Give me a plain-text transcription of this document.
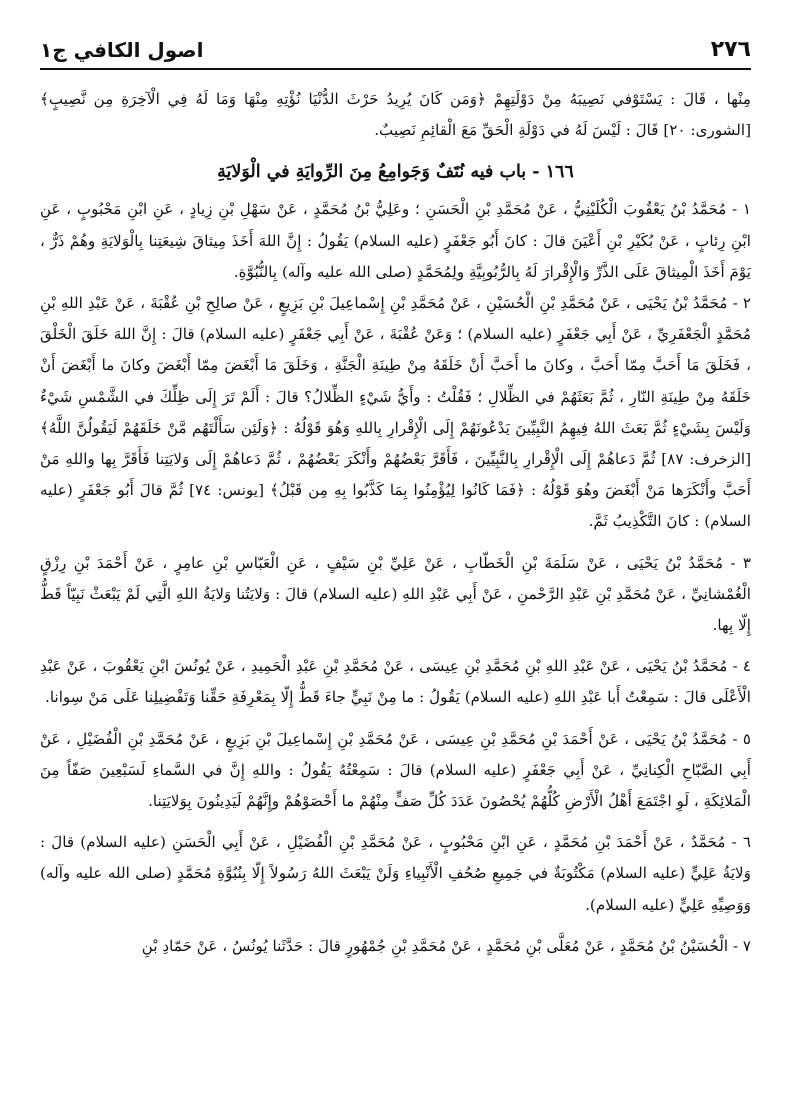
اصول الكافي ج١	٢٧٦

مِنْها ، قَالَ : يَسْتَوْفي نَصِيبَهُ مِنْ دَوْلَتِهِمْ ﴿وَمَن كَانَ يُرِيدُ حَرْثَ الدُّنْيَا نُؤْتِهِ مِنْهَا وَمَا لَهُ فِي الْآخِرَةِ مِن نَّصِيبٍ﴾ [الشورى: ٢٠] قَالَ : لَيْسَ لَهُ في دَوْلَةِ الْحَقِّ مَعَ الْقائِمِ نَصِيبٌ.

١٦٦ - باب فيه نُتَفٌ وَجَوامِعُ مِنَ الرِّوايَةِ في الْوَلايَةِ

١ - مُحَمَّدُ بْنُ يَعْقُوبَ الْكُلَيْنِيُّ ، عَنْ مُحَمَّدِ بْنِ الْحَسَنِ ؛ وعَلِيُّ بْنُ مُحَمَّدٍ ، عَنْ سَهْلِ بْنِ زِيادٍ ، عَنِ ابْنِ مَحْبُوبٍ ، عَنِ ابْنِ رِئابٍ ، عَنْ بُكَيْرِ بْنِ أَعْيَنَ قالَ : كانَ أَبُو جَعْفَرٍ (عليه السلام) يَقُولُ : إِنَّ اللهَ أَخَذَ مِيثاقَ شِيعَتِنا بِالْوَلايَةِ وهُمْ ذَرٌّ ، يَوْمَ أَخَذَ الْمِيثاقَ عَلَى الذَّرِّ وَالْإِقْرارَ لَهُ بِالرُّبُوبِيَّةِ ولِمُحَمَّدٍ (صلى الله عليه وآله) بِالنُّبُوَّةِ.

٢ - مُحَمَّدُ بْنُ يَحْيَى ، عَنْ مُحَمَّدِ بْنِ الْحُسَيْنِ ، عَنْ مُحَمَّدِ بْنِ إِسْماعِيلَ بْنِ بَزِيعٍ ، عَنْ صالِحِ بْنِ عُقْبَةَ ، عَنْ عَبْدِ اللهِ بْنِ مُحَمَّدٍ الْجَعْفَرِيِّ ، عَنْ أَبِي جَعْفَرٍ (عليه السلام) ؛ وَعَنْ عُقْبَةَ ، عَنْ أَبِي جَعْفَرٍ (عليه السلام) قالَ : إِنَّ اللهَ خَلَقَ الْخَلْقَ ، فَخَلَقَ مَا أَحَبَّ مِمّا أَحَبَّ ، وكانَ ما أَحَبَّ أَنْ خَلَقَهُ مِنْ طِينَةِ الْجَنَّةِ ، وَخَلَقَ مَا أَبْغَضَ مِمّا أَبْغَضَ وكانَ ما أَبْغَضَ أَنْ خَلَقَهُ مِنْ طِينَةِ النّارِ ، ثُمَّ بَعَثَهُمْ في الظِّلالِ ؛ فَقُلْتُ : وأَيُّ شَيْءٍ الظِّلالُ؟ قالَ : أَلَمْ تَرَ إِلَى ظِلِّكَ في الشَّمْسِ شَيْءٌ وَلَيْسَ بِشَيْءٍ ثُمَّ بَعَثَ اللهُ فِيهِمُ النَّبِيِّينَ يَدْعُونَهُمْ إِلَى الْإِقْرارِ بِاللهِ وَهُوَ قَوْلُهُ : ﴿وَلَئِن سَأَلْتَهُم مَّنْ خَلَقَهُمْ لَيَقُولُنَّ اللَّهُ﴾ [الزخرف: ٨٧] ثُمَّ دَعاهُمْ إِلَى الْإِقْرارِ بِالنَّبِيِّينَ ، فَأَقَرَّ بَعْضُهُمْ وأَنْكَرَ بَعْضُهُمْ ، ثُمَّ دَعاهُمْ إِلَى وَلايَتِنا فَأَقَرَّ بِها واللهِ مَنْ أَحَبَّ وأَنْكَرَها مَنْ أَبْغَضَ وهُوَ قَوْلُهُ : ﴿فَمَا كَانُوا لِيُؤْمِنُوا بِمَا كَذَّبُوا بِهِ مِن قَبْلُ﴾ [يونس: ٧٤] ثُمَّ قالَ أَبُو جَعْفَرٍ (عليه السلام) : كانَ التَّكْذِيبُ ثَمَّ.

٣ - مُحَمَّدُ بْنُ يَحْيَى ، عَنْ سَلَمَةَ بْنِ الْخَطّابِ ، عَنْ عَلِيِّ بْنِ سَيْفٍ ، عَنِ الْعَبّاسِ بْنِ عامِرٍ ، عَنْ أَحْمَدَ بْنِ رِزْقٍ الْغُمْشانِيِّ ، عَنْ مُحَمَّدِ بْنِ عَبْدِ الرَّحْمنِ ، عَنْ أَبِي عَبْدِ اللهِ (عليه السلام) قالَ : وَلايَتُنا وَلايَةُ اللهِ الَّتِي لَمْ يَبْعَثْ نَبِيّاً قَطُّ إِلّا بِها.

٤ - مُحَمَّدُ بْنُ يَحْيَى ، عَنْ عَبْدِ اللهِ بْنِ مُحَمَّدِ بْنِ عِيسَى ، عَنْ مُحَمَّدِ بْنِ عَبْدِ الْحَمِيدِ ، عَنْ يُونُسَ ابْنِ يَعْقُوبَ ، عَنْ عَبْدِ الْأَعْلَى قالَ : سَمِعْتُ أَبا عَبْدِ اللهِ (عليه السلام) يَقُولُ : ما مِنْ نَبِيٍّ جاءَ قَطُّ إِلّا بِمَعْرِفَةِ حَقِّنا وَتَفْضِيلِنا عَلَى مَنْ سِوانا.

٥ - مُحَمَّدُ بْنُ يَحْيَى ، عَنْ أَحْمَدَ بْنِ مُحَمَّدِ بْنِ عِيسَى ، عَنْ مُحَمَّدِ بْنِ إِسْماعِيلَ بْنِ بَزِيعٍ ، عَنْ مُحَمَّدِ بْنِ الْفُضَيْلِ ، عَنْ أَبِي الصَّبّاحِ الْكِنانِيِّ ، عَنْ أَبِي جَعْفَرٍ (عليه السلام) قالَ : سَمِعْتُهُ يَقُولُ : واللهِ إِنَّ في السَّماءِ لَسَبْعِينَ صَفّاً مِنَ الْمَلائِكَةِ ، لَوِ اجْتَمَعَ أَهْلُ الْأَرْضِ كُلُّهُمْ يُحْصُونَ عَدَدَ كُلِّ صَفٍّ مِنْهُمْ ما أَحْصَوْهُمْ وإِنَّهُمْ لَيَدِينُونَ بِوَلايَتِنا.

٦ - مُحَمَّدٌ ، عَنْ أَحْمَدَ بْنِ مُحَمَّدٍ ، عَنِ ابْنِ مَحْبُوبٍ ، عَنْ مُحَمَّدِ بْنِ الْفُضَيْلِ ، عَنْ أَبِي الْحَسَنِ (عليه السلام) قالَ : وَلايَةُ عَلِيٍّ (عليه السلام) مَكْتُوبَةٌ في جَمِيعِ صُحُفِ الْأَنْبِياءِ وَلَنْ يَبْعَثَ اللهُ رَسُولاً إِلّا بِنُبُوَّةِ مُحَمَّدٍ (صلى الله عليه وآله) وَوَصِيِّهِ عَلِيٍّ (عليه السلام).

٧ - الْحُسَيْنُ بْنُ مُحَمَّدٍ ، عَنْ مُعَلَّى بْنِ مُحَمَّدٍ ، عَنْ مُحَمَّدِ بْنِ جُمْهُورٍ قالَ : حَدَّثَنا يُونُسُ ، عَنْ حَمّادِ بْنِ
